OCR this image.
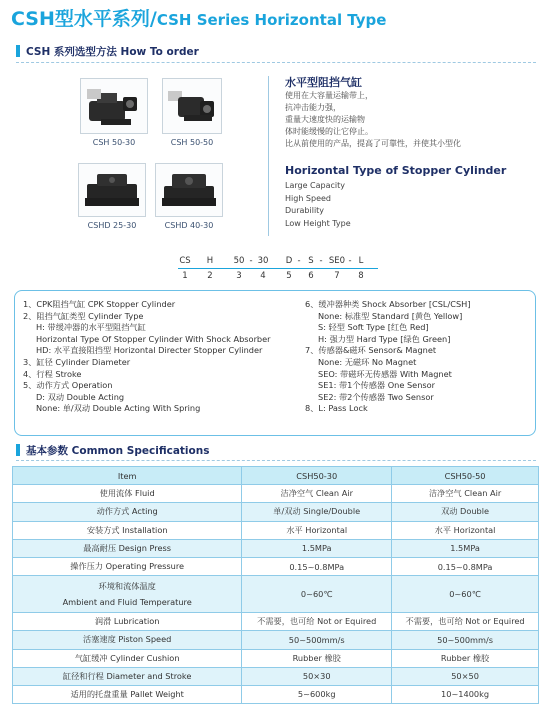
CSH型水平系列/CSH Series Horizontal Type
CSH 系列选型方法 How To order
CSH 50-30	CSH 50-50
CSHD 25-30	CSHD 40-30
水平型阻挡气缸
使用在大容量运输带上，
抗冲击能力强，
重量大速度快的运输物
体时能缓慢的让它停止。
比从前使用的产品，提高了可靠性，并使其小型化
Horizontal Type of Stopper Cylinder
Large Capacity
High Speed
Durability
Low Height Type
CS H 50 - 30 D - S - SE0 - L
1 2	3 4 5 6 7 8
1、CPK阻挡气缸 CPK Stopper Cylinder
2、阻挡气缸类型 Cylinder Type
H: 带缓冲器的水平型阻挡气缸
Horizontal Type Of Stopper Cylinder With Shock Absorber
HD: 水平直接阻挡型 Horizontal Directer Stopper Cylinder
3、缸径 Cylinder Diameter
4、行程 Stroke
5、动作方式 Operation
D: 双动 Double Acting
None: 单/双动 Double Acting With Spring
6、缓冲器种类 Shock Absorber [CSL/CSH]
None: 标准型 Standard [黄色 Yellow]
S: 轻型 Soft Type [红色 Red]
H: 强力型 Hard Type [绿色 Green]
7、传感器&磁环 Sensor& Magnet
None: 无磁环 No Magnet
SEO: 带磁环无传感器 With Magnet
SE1: 带1个传感器 One Sensor
SE2: 带2个传感器 Two Sensor
8、L: Pass Lock
基本参数 Common Specifications
Item	CSH50-30	CSH50-50
使用流体 Fluid	洁净空气 Clean Air	洁净空气 Clean Air
动作方式 Acting	单/双动 Single/Double	双动 Double
安装方式 Installation	水平 Horizontal	水平 Horizontal
最高耐压 Design Press	1.5MPa	1.5MPa
操作压力 Operating Pressure	0.15~0.8MPa	0.15~0.8MPa

环境和流体温度
Ambient and Fluid Temperature	0~60℃	0~60℃
润滑 Lubrication	不需要，也可给 Not or Equired	不需要，也可给 Not or Equired
活塞速度 Piston Speed	50~500mm/s	50~500mm/s
气缸缓冲 Cylinder Cushion	Rubber 橡胶	Rubber 橡胶
缸径和行程 Diameter and Stroke	50×30	50×50
适用的托盘重量 Pallet Weight	5~600kg	10~1400kg
